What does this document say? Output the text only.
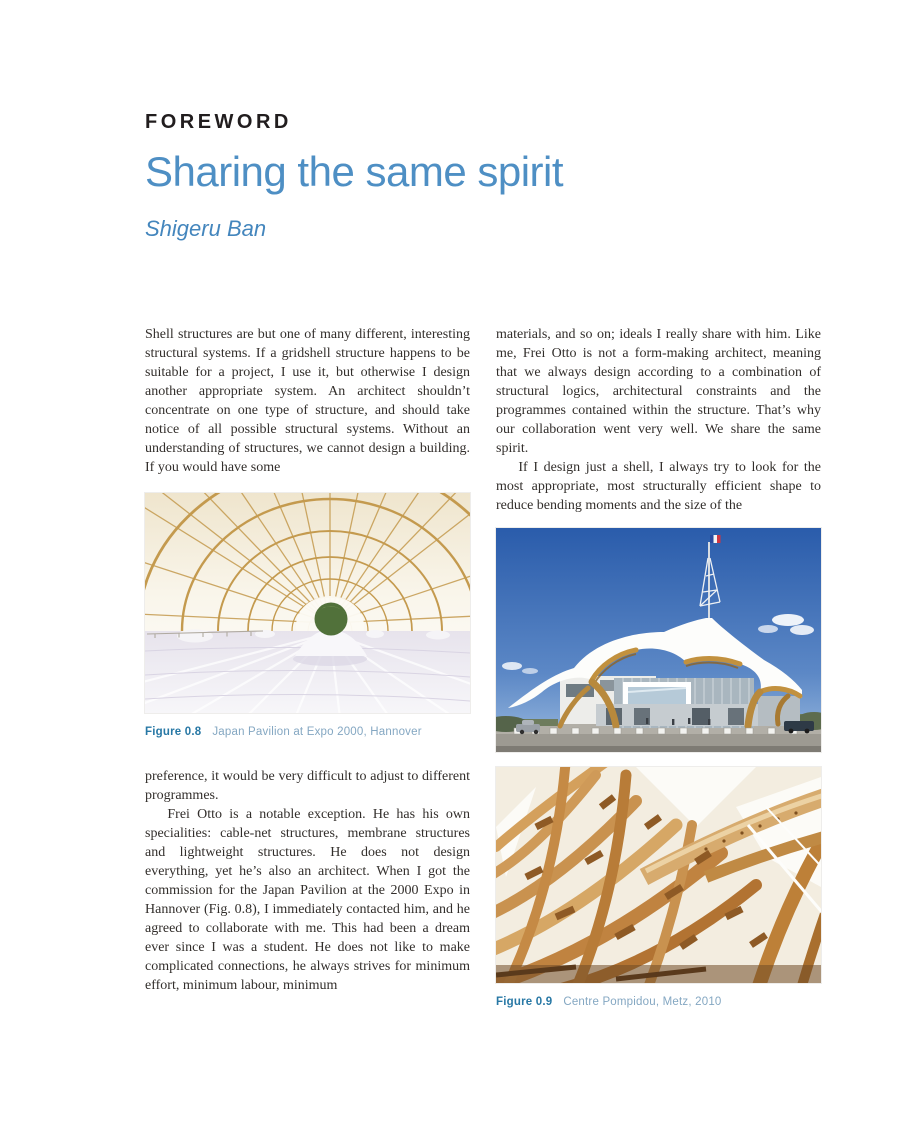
FOREWORD
Sharing the same spirit
Shigeru Ban

Shell structures are but one of many different, interesting structural systems. If a gridshell structure happens to be suitable for a project, I use it, but otherwise I design another appropriate system. An architect shouldn’t concentrate on one type of structure, and should take notice of all possible structural systems. Without an understanding of structures, we cannot design a building. If you would have some

Figure 0.8 Japan Pavilion at Expo 2000, Hannover

preference, it would be very difficult to adjust to different programmes.

Frei Otto is a notable exception. He has his own specialities: cable-net structures, membrane structures and lightweight structures. He does not design everything, yet he’s also an architect. When I got the commission for the Japan Pavilion at the 2000 Expo in Hannover (Fig. 0.8), I immediately contacted him, and he agreed to collaborate with me. This had been a dream ever since I was a student. He does not like to make complicated connections, he always strives for minimum effort, minimum labour, minimum

materials, and so on; ideals I really share with him. Like me, Frei Otto is not a form-making architect, meaning that we always design according to a combination of structural logics, architectural constraints and the programmes contained within the structure. That’s why our collaboration went very well. We share the same spirit.

If I design just a shell, I always try to look for the most appropriate, most structurally efficient shape to reduce bending moments and the size of the

Figure 0.9 Centre Pompidou, Metz, 2010
